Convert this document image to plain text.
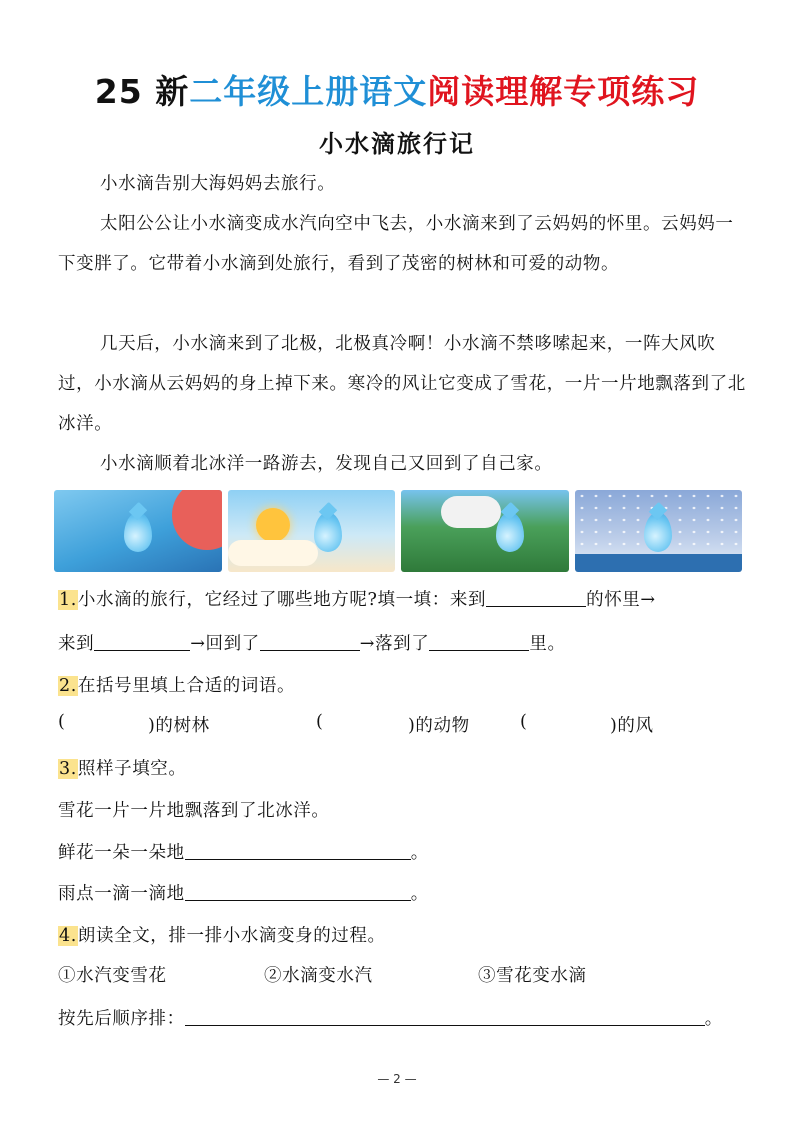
25 新二年级上册语文阅读理解专项练习
小水滴旅行记
小水滴告别大海妈妈去旅行。
太阳公公让小水滴变成水汽向空中飞去，小水滴来到了云妈妈的怀里。云妈妈一下变胖了。它带着小水滴到处旅行，看到了茂密的树林和可爱的动物。
几天后，小水滴来到了北极，北极真冷啊！小水滴不禁哆嗦起来，一阵大风吹过，小水滴从云妈妈的身上掉下来。寒冷的风让它变成了雪花，一片一片地飘落到了北冰洋。
小水滴顺着北冰洋一路游去，发现自己又回到了自己家。
1.小水滴的旅行，它经过了哪些地方呢?填一填：来到	的怀里→
来到	→回到了	→落到了	里。
2.在括号里填上合适的词语。
(	)的树林	(	)的动物	(	)的风
3.照样子填空。
雪花一片一片地飘落到了北冰洋。
鲜花一朵一朵地	。
雨点一滴一滴地	。
4.朗读全文，排一排小水滴变身的过程。
①水汽变雪花	②水滴变水汽	③雪花变水滴
按先后顺序排：	。
— 2 —
